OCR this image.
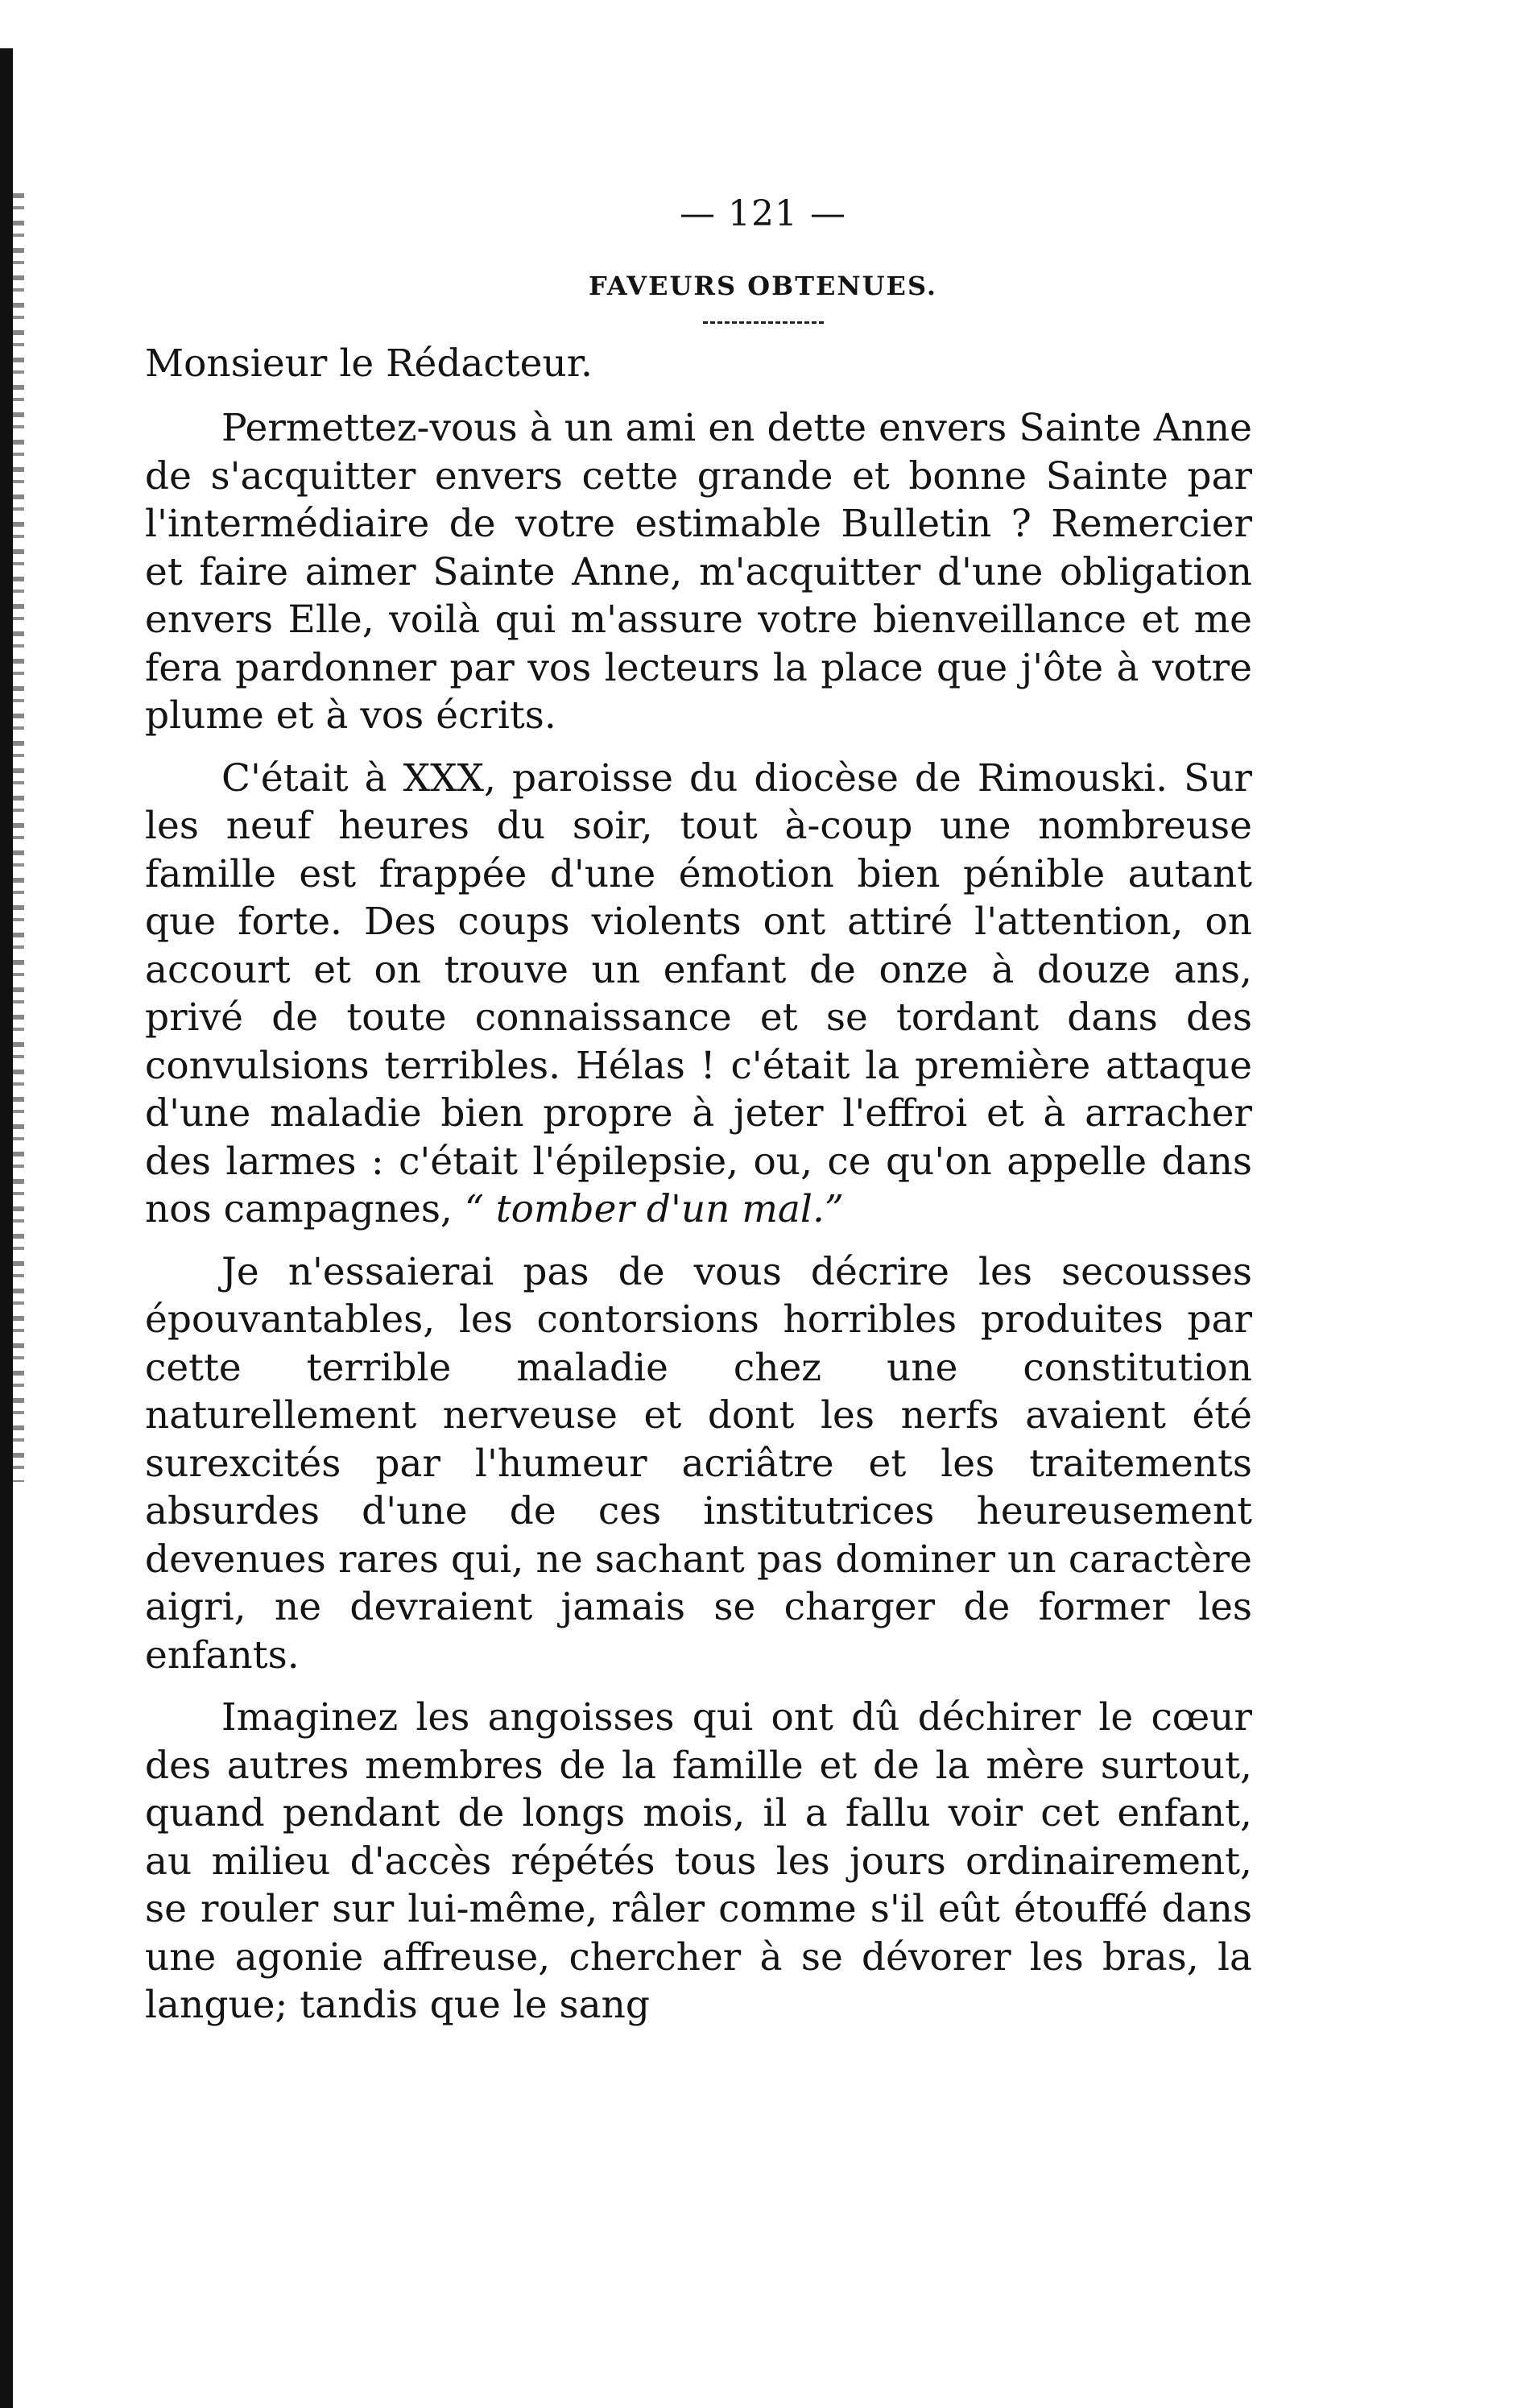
— 121 —

FAVEURS OBTENUES.

Monsieur le Rédacteur.

Permettez-vous à un ami en dette envers Sainte Anne de s'acquitter envers cette grande et bonne Sainte par l'intermédiaire de votre estimable Bulletin ? Remercier et faire aimer Sainte Anne, m'acquitter d'une obligation envers Elle, voilà qui m'assure votre bienveillance et me fera pardonner par vos lecteurs la place que j'ôte à votre plume et à vos écrits.

C'était à XXX, paroisse du diocèse de Rimouski. Sur les neuf heures du soir, tout à-coup une nombreuse famille est frappée d'une émotion bien pénible autant que forte. Des coups violents ont attiré l'attention, on accourt et on trouve un enfant de onze à douze ans, privé de toute connaissance et se tordant dans des convulsions terribles. Hélas ! c'était la première attaque d'une maladie bien propre à jeter l'effroi et à arracher des larmes : c'était l'épilepsie, ou, ce qu'on appelle dans nos campagnes, “ tomber d'un mal.”

Je n'essaierai pas de vous décrire les secousses épouvantables, les contorsions horribles produites par cette terrible maladie chez une constitution naturellement nerveuse et dont les nerfs avaient été surexcités par l'humeur acriâtre et les traitements absurdes d'une de ces institutrices heureusement devenues rares qui, ne sachant pas dominer un caractère aigri, ne devraient jamais se charger de former les enfants.

Imaginez les angoisses qui ont dû déchirer le cœur des autres membres de la famille et de la mère surtout, quand pendant de longs mois, il a fallu voir cet enfant, au milieu d'accès répétés tous les jours ordinairement, se rouler sur lui-même, râler comme s'il eût étouffé dans une agonie affreuse, chercher à se dévorer les bras, la langue; tandis que le sang
